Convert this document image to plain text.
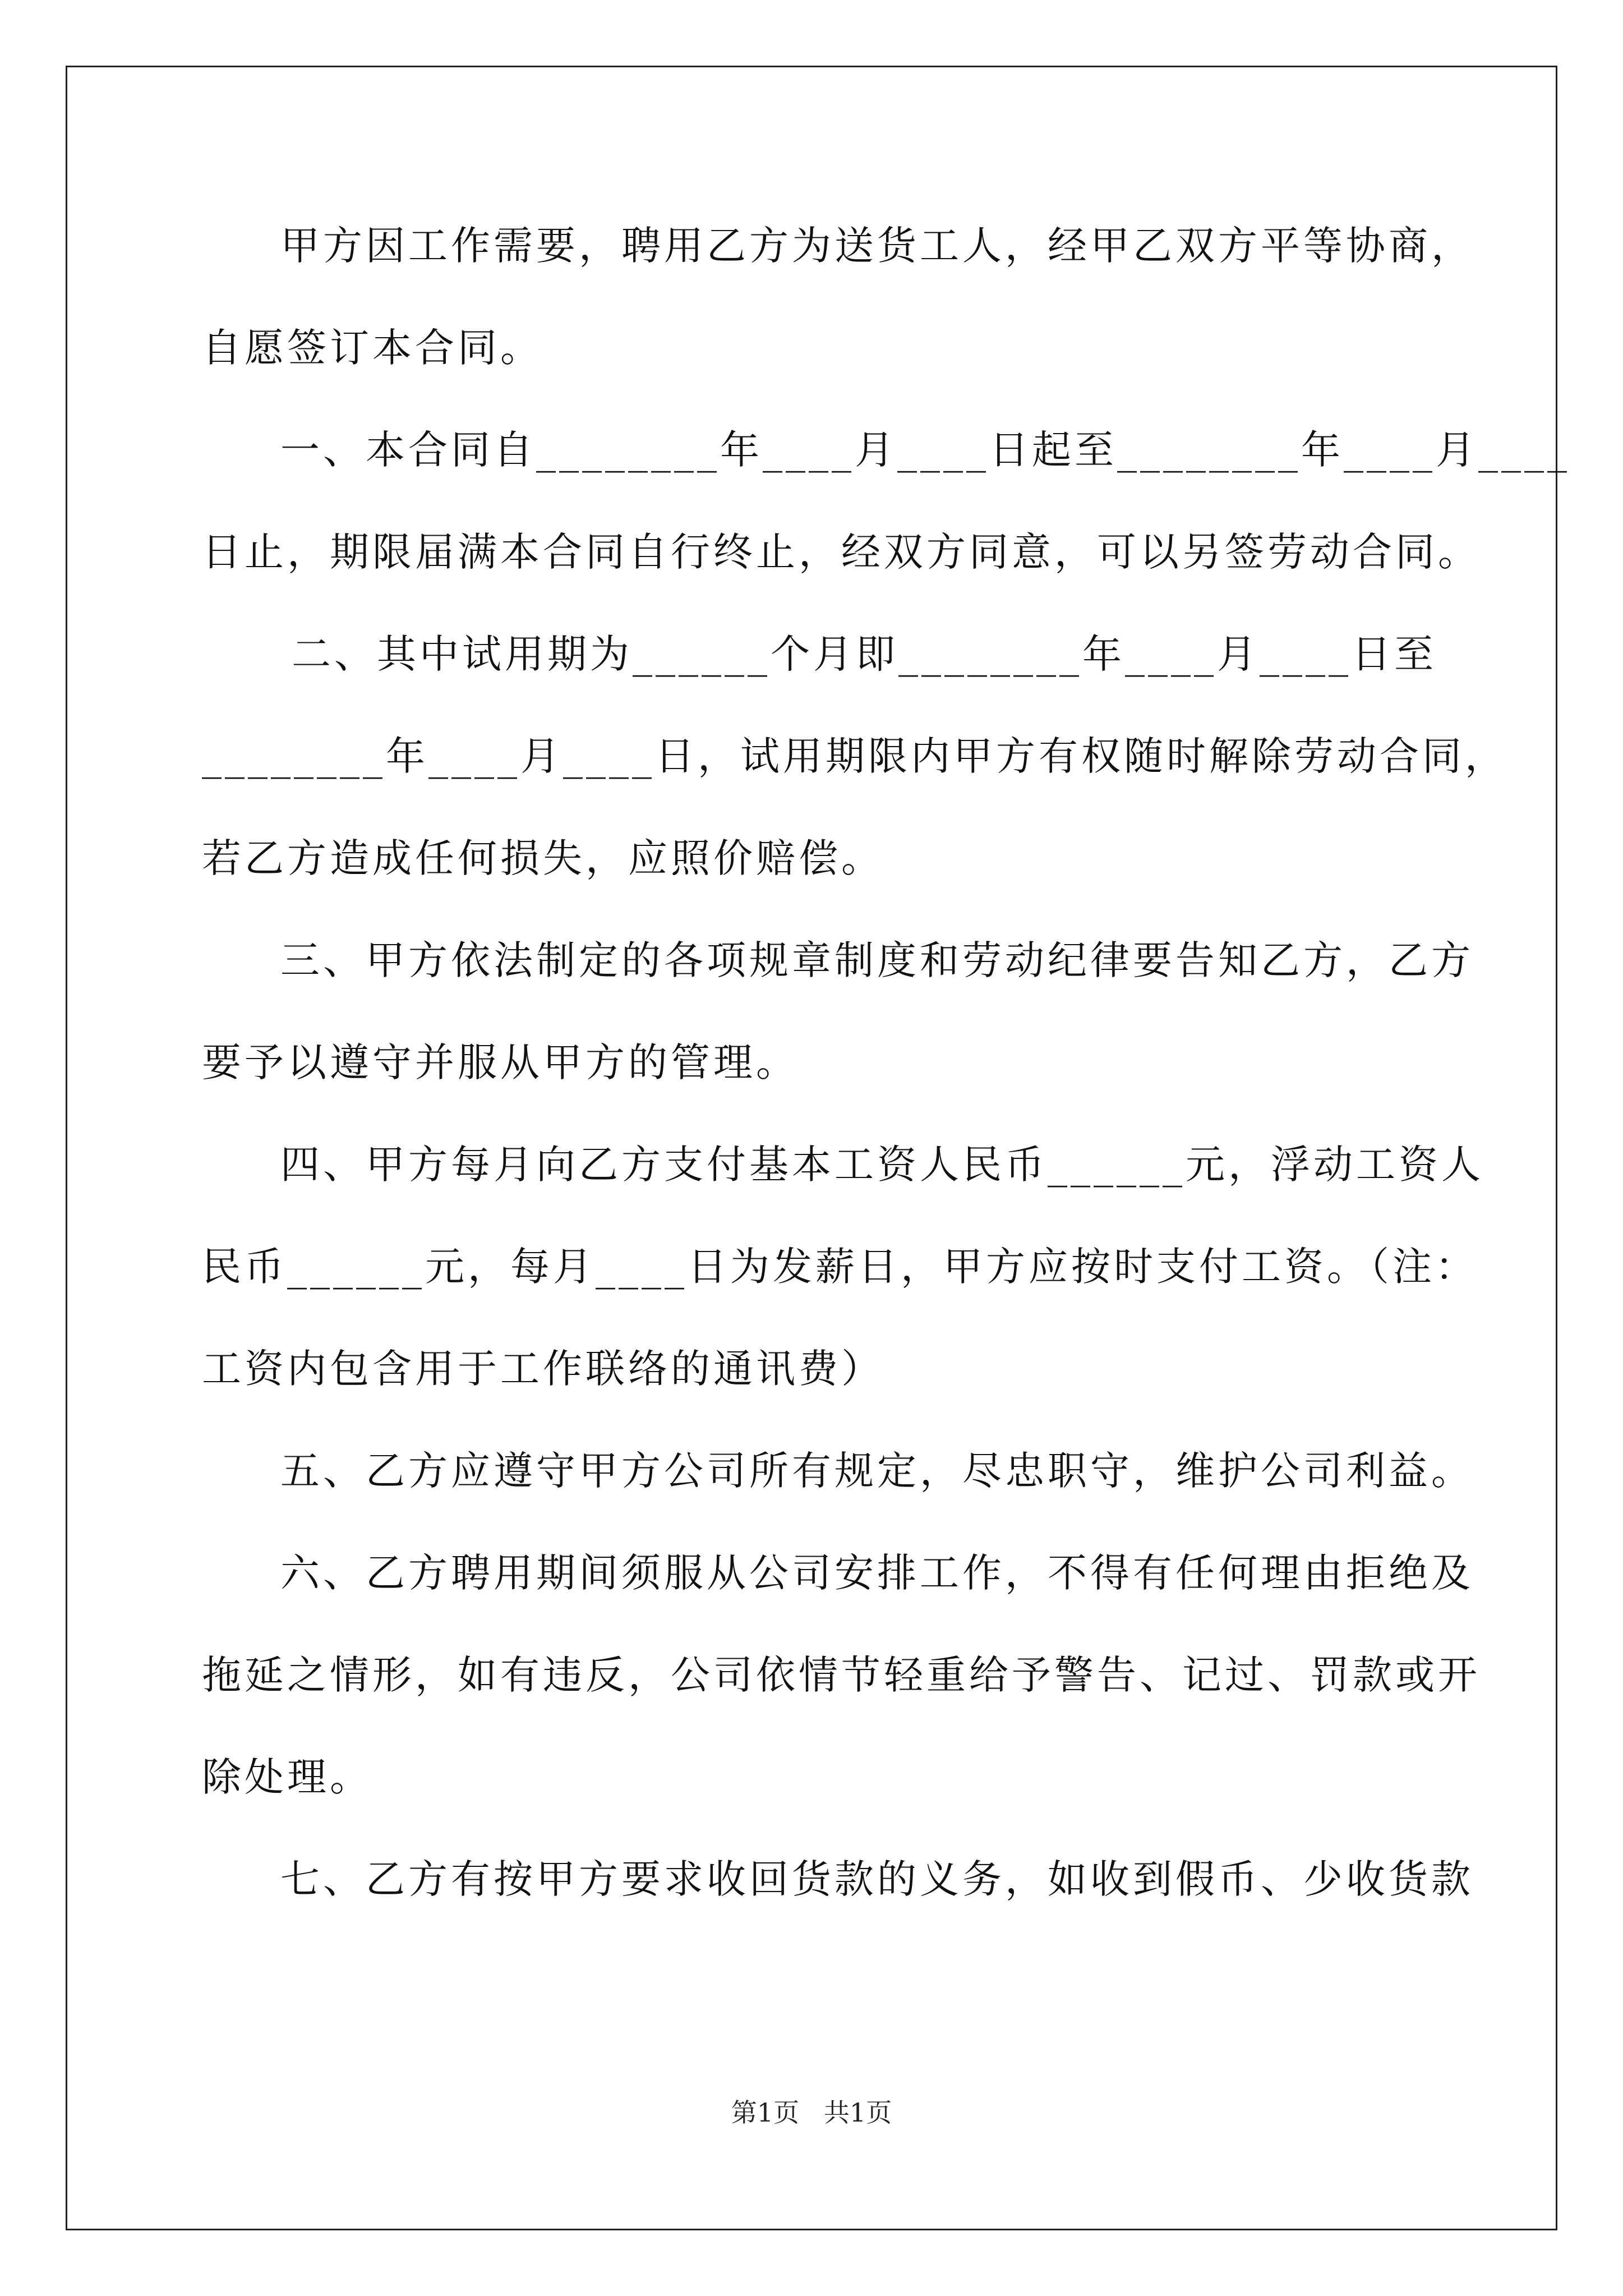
甲方因工作需要，聘用乙方为送货工人，经甲乙双方平等协商，
自愿签订本合同。
一、本合同自________年____月____日起至________年____月____
日止，期限届满本合同自行终止，经双方同意，可以另签劳动合同。
二、其中试用期为______个月即________年____月____日至
________年____月____日，试用期限内甲方有权随时解除劳动合同，
若乙方造成任何损失，应照价赔偿。
三、甲方依法制定的各项规章制度和劳动纪律要告知乙方，乙方
要予以遵守并服从甲方的管理。
四、甲方每月向乙方支付基本工资人民币______元，浮动工资人
民币______元，每月____日为发薪日，甲方应按时支付工资。（注：
工资内包含用于工作联络的通讯费）
五、乙方应遵守甲方公司所有规定，尽忠职守，维护公司利益。
六、乙方聘用期间须服从公司安排工作，不得有任何理由拒绝及
拖延之情形，如有违反，公司依情节轻重给予警告、记过、罚款或开
除处理。
七、乙方有按甲方要求收回货款的义务，如收到假币、少收货款
第1页   共1页
